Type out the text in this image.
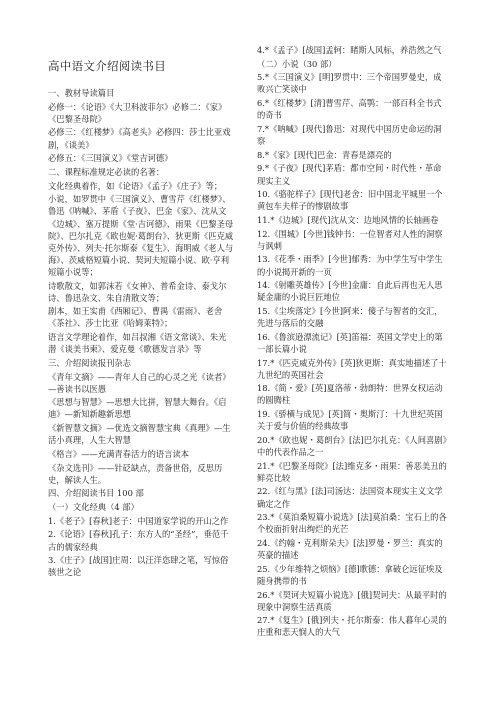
高中语文介绍阅读书目
一、教材导读篇目
必修一：《论语》《大卫科波菲尔》必修二：《家》《巴黎圣母院》
必修三：《红楼梦》《高老头》必修四：莎士比亚戏剧，《谈美》
必修五：《三国演义》《堂吉诃德》
二、课程标准规定必读的名著：
文化经典着作，如《论语》《孟子》《庄子》等；
小说，如罗贯中《三国演义》、曹雪芹《红楼梦》、鲁迅《呐喊》、茅盾《子夜》、巴金《家》、沈从文《边城》、塞万提斯《堂·吉诃德》、雨果《巴黎圣母院》、巴尔扎克《欧也妮·葛朗台》、狄更斯《匹克威克外传》、列夫·托尔斯泰《复生》、海明威《老人与海》、茨威格短篇小说、契诃夫短篇小说、欧·亨利短篇小说等；
诗歌散文，如郭沫若《女神》、普希金诗、泰戈尔诗、鲁迅杂文、朱自清散文等；
剧本，如王实甫《西厢记》、曹禺《雷雨》、老舍《茶社》、莎士比亚《哈姆莱特》；
语言文学理论着作，如吕叔湘《语文常谈》、朱光潜《谈美书柬》、爱克曼《歌德发言录》等
三、介绍阅读报刊杂志
《青年文摘》——青年人自己的心灵之光《读者》—善读书以医愚
《思想与智慧》—思想大比拼，智慧大舞台。《启迪》—新知新趣新思想
《新智慧文摘》—优选文摘智慧宝典《真理》—生活小真理，人生大智慧
《格言》——充满青春活力的语言读本
《杂文选刊》——针砭缺点，责备世俗，反思历史，解读人生。
四、介绍阅读书目 100 部
（一）文化经典（4 部）
1.《老子》[春秋]老子：中国道家学说的开山之作
2.《论语》[春秋]孔子：东方人的“圣经”，垂范千古的儒家经典
3.《庄子》[战国]庄周：以汪洋恣肆之笔，写惊俗骇世之论
4.*《孟子》[战国]孟轲：睹斯人风标，养浩然之气
（二）小说（30 部）
5.*《三国演义》[明]罗贯中：三个帝国罗曼史，成败兴亡笑谈中
6.*《红楼梦》[清]曹雪芹、高鹗：一部百科全书式的奇书
7.*《呐喊》[现代]鲁迅：对现代中国历史命运的洞察
8.*《家》[现代]巴金：青春是漂亮的
9.*《子夜》[现代]茅盾：都市空间・时代性・革命现实主义
10.《骆驼样子》[现代]老舍：旧中国北平城里一个黄包车夫样子的惨剧故事
11.*《边城》[现代]沈从文：边地风情的长轴画卷
12.《围城》[今世]钱钟书：一位智者对人性的洞察与讽刺
13.《花季・雨季》[今世]郁秀：为中学生写中学生的小说揭开新的一页
14.《射雕英雄传》[今世]金庸：自此后再也无人思疑金庸的小说巨匠地位
15.《尘埃落定》[今世]阿来：傻子与智者的交汇，先进与落后的交融
16.《鲁滨逊漂流记》[英]笛福：英国文学史上的第一部长篇小说
17.*《匹克威克外传》[英]狄更斯：真实地描述了十九世纪的英国社会
18.《简・爱》[英]夏洛蒂・勃朗特：世界女权运动的圆腾柱
19.《骄横与成见》[英]简・奥斯汀：十九世纪英国关于爱与价值的经典故事
20.*《欧也妮・葛朗台》[法]巴尔扎克：《人间喜剧》中的代表作品之一
21.*《巴黎圣母院》[法]维克多・雨果：善恶美丑的鲜亮比较
22.《红与黑》[法]司汤达：法国资本现实主义文学确定之作
23.*《莫泊桑短篇小说选》[法]莫泊桑：宝石上的各个校面折射出绚烂的光芒
24.《约翰・克利斯朵夫》[法]罗曼・罗兰：真实的英豪的描述
25.《少年维特之烦恼》[德]歌德：拿破仑远征埃及随身携带的书
26.*《契诃夫短篇小说选》[俄]契诃夫：从最平时的现象中洞察生活真质
27.*《复生》[俄]列夫・托尔斯泰：伟人暮年心灵的庄重和悲天悯人的大气
